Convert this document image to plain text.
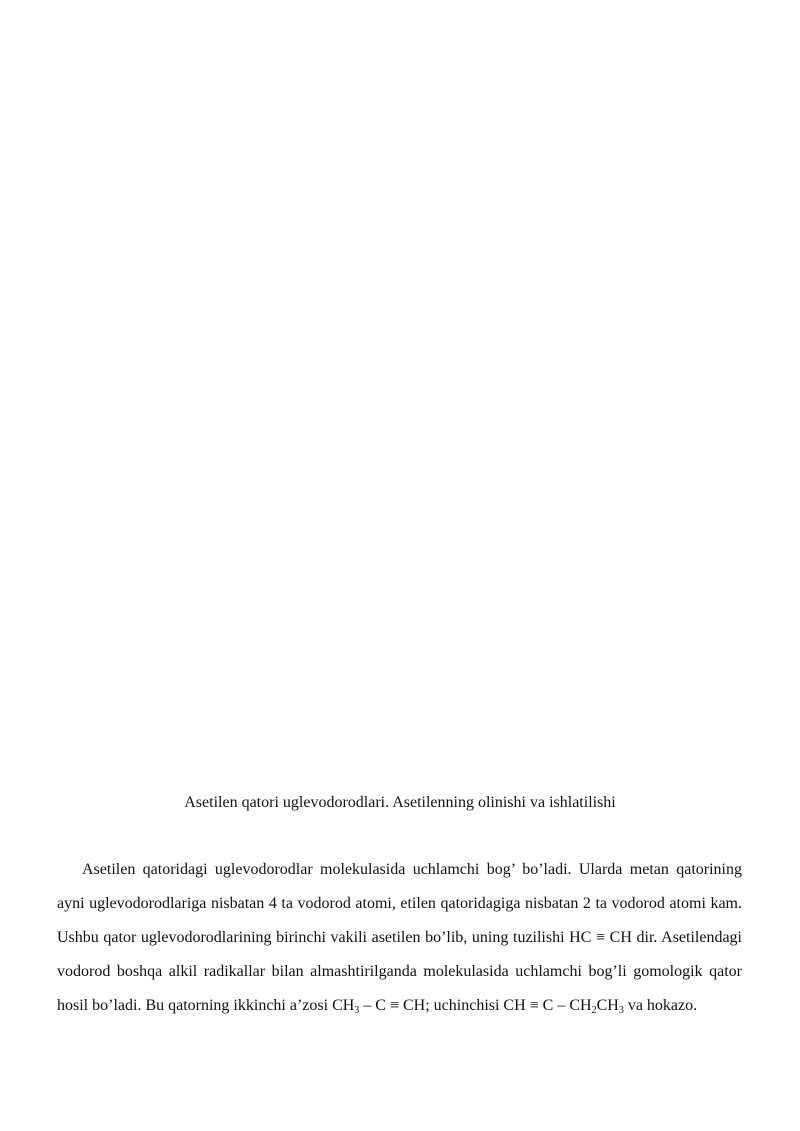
Asetilen qatori uglevodorodlari. Asetilenning olinishi va ishlatilishi

Asetilen qatoridagi uglevodorodlar molekulasida uchlamchi bog’ bo’ladi. Ularda metan qatorining ayni uglevodorodlariga nisbatan 4 ta vodorod atomi, etilen qatoridagiga nisbatan 2 ta vodorod atomi kam. Ushbu qator uglevodorodlarining birinchi vakili asetilen bo’lib, uning tuzilishi HC ≡ CH dir. Asetilendagi vodorod boshqa alkil radikallar bilan almashtirilganda molekulasida uchlamchi bog’li gomologik qator hosil bo’ladi. Bu qatorning ikkinchi a’zosi $CH_3$ – C ≡ CH; uchinchisi CH ≡ C – $CH_2CH_3$ va hokazo.
